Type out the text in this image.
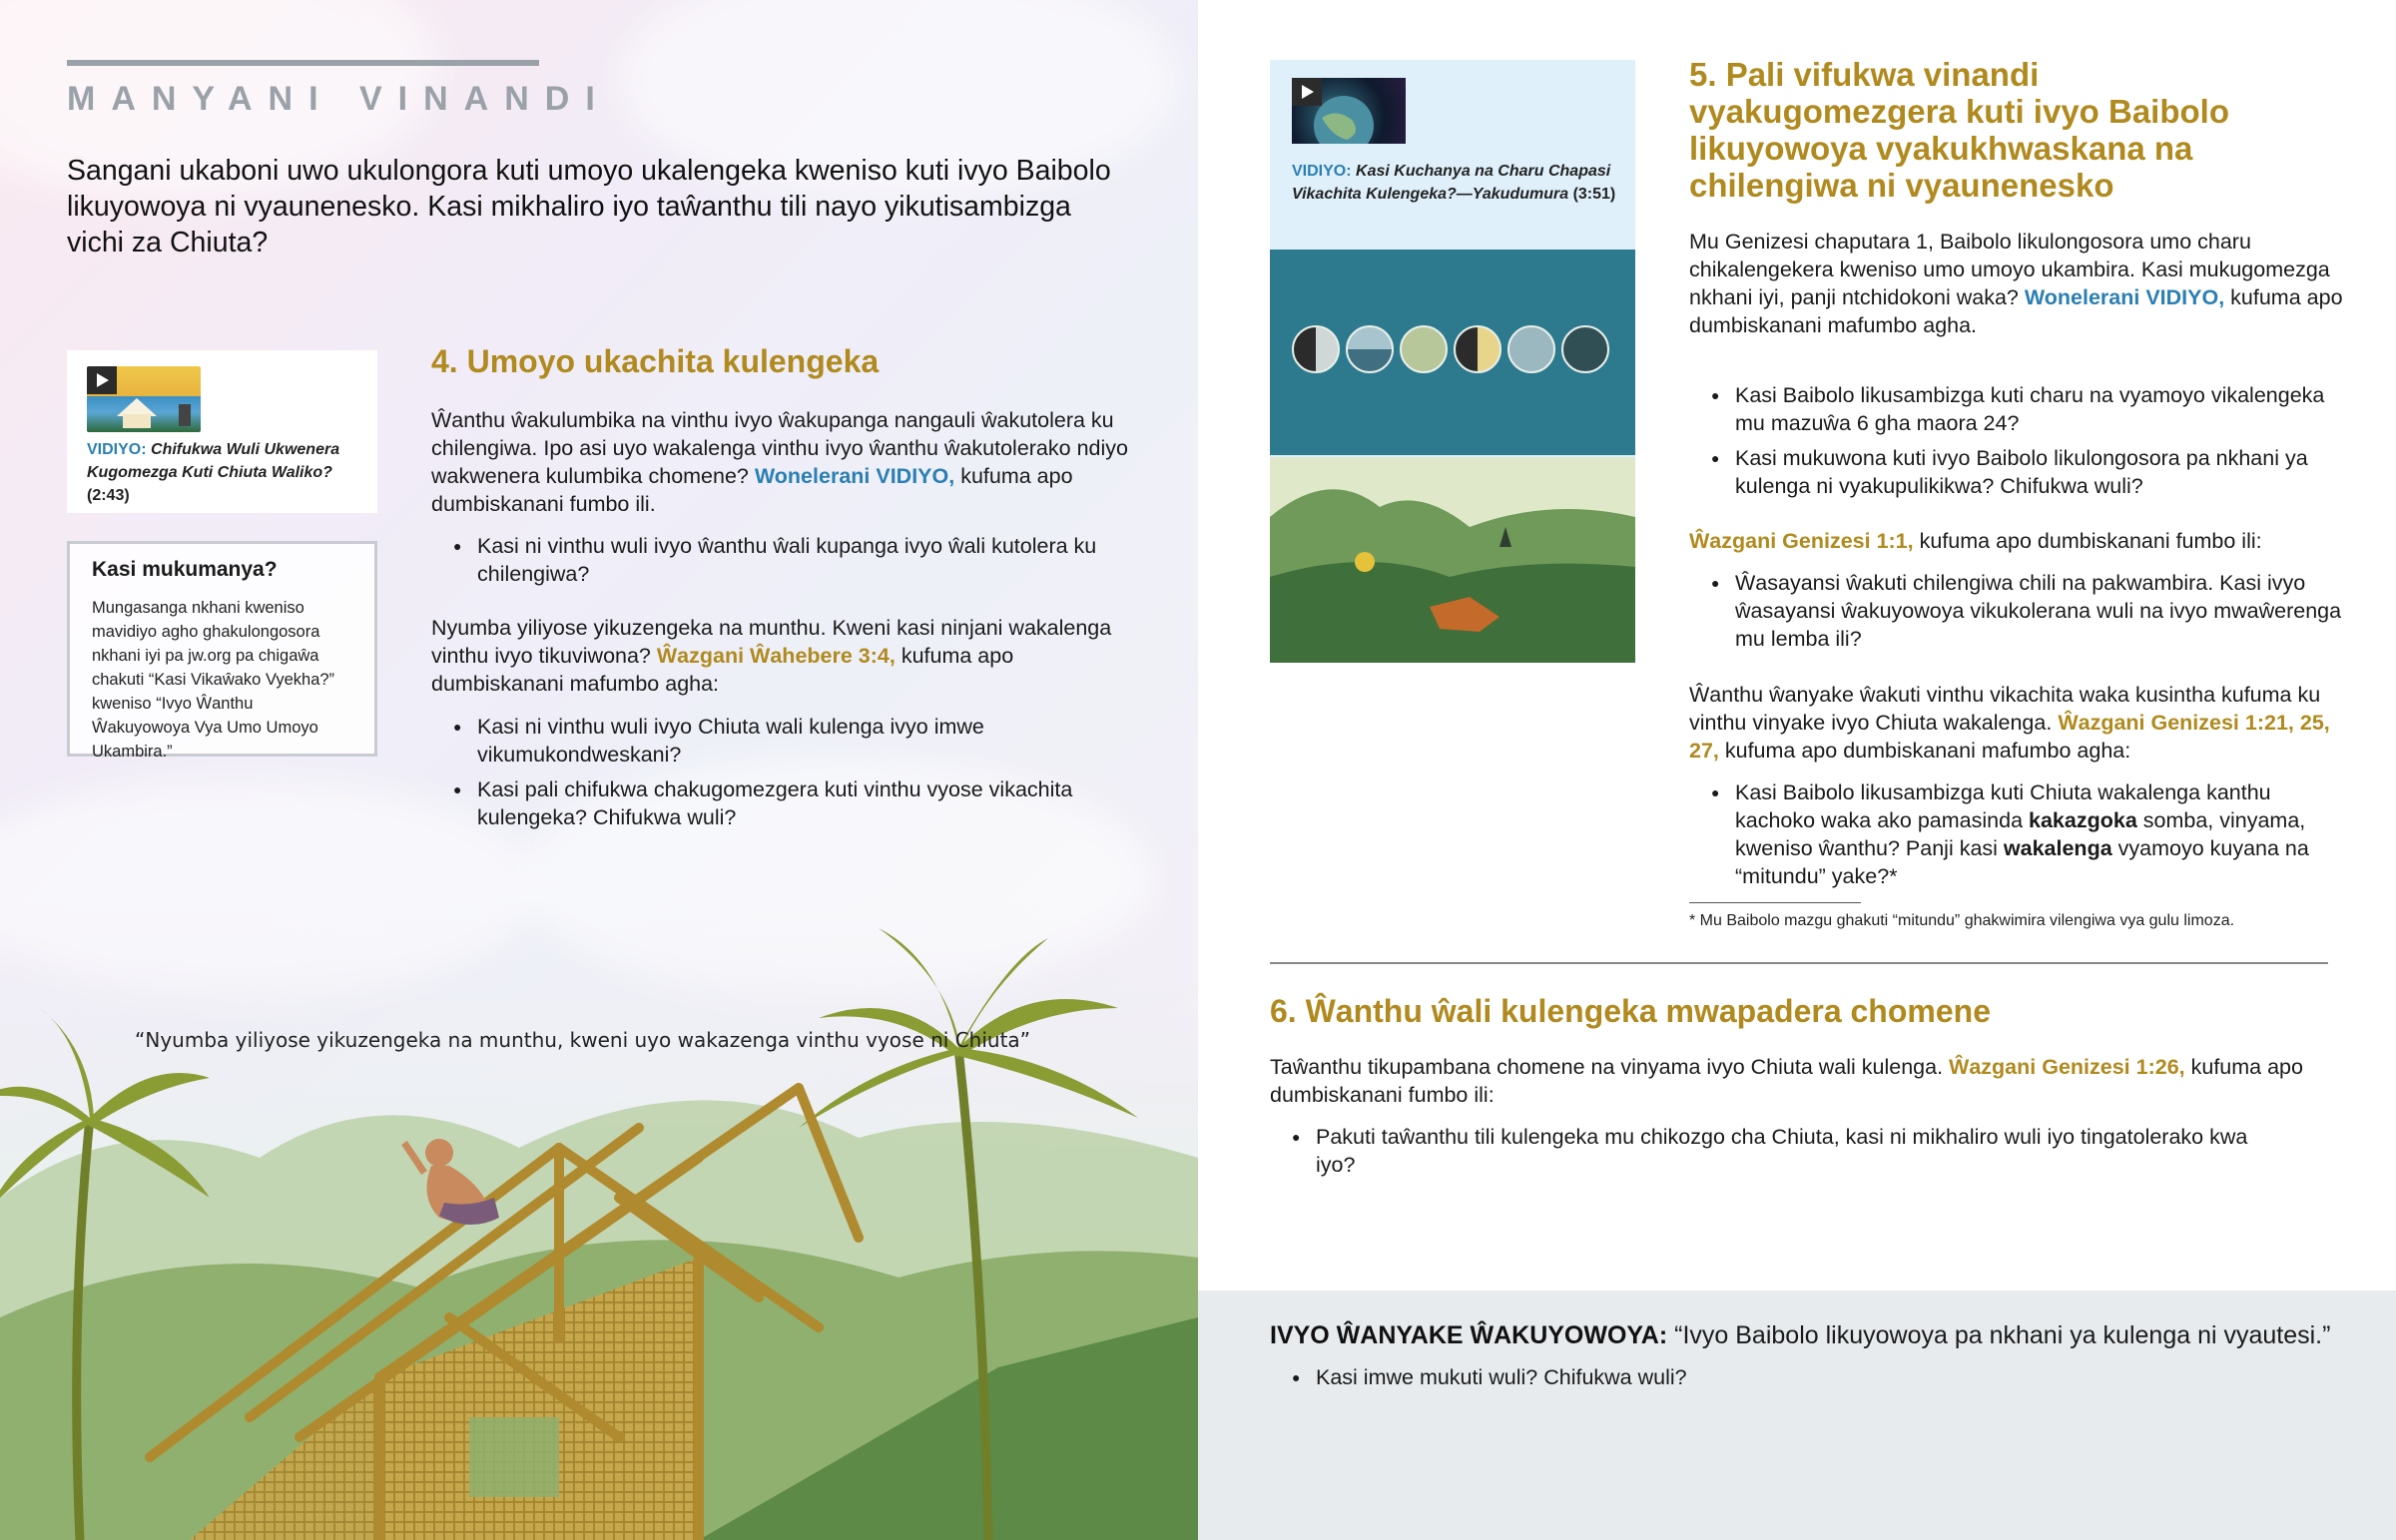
MANYANI VINANDI
Sangani ukaboni uwo ukulongora kuti umoyo ukalengeka kweniso kuti ivyo Baibolo likuyowoya ni vyaunenesko. Kasi mikhaliro iyo taŵanthu tili nayo yikutisambizga vichi za Chiuta?
VIDIYO: Chifukwa Wuli Ukwenera Kugomezga Kuti Chiuta Waliko? (2:43)
Kasi mukumanya?
Mungasanga nkhani kweniso mavidiyo agho ghakulongosora nkhani iyi pa jw.org pa chigaŵa chakuti “Kasi Vikaŵako Vyekha?” kweniso “Ivyo Ŵanthu Ŵakuyowoya Vya Umo Umoyo Ukambira.”
4. Umoyo ukachita kulengeka
Ŵanthu ŵakulumbika na vinthu ivyo ŵakupanga nangauli ŵakutolera ku chilengiwa. Ipo asi uyo wakalenga vinthu ivyo ŵanthu ŵakutolerako ndiyo wakwenera kulumbika chomene? Wonelerani VIDIYO, kufuma apo dumbiskanani fumbo ili.
● Kasi ni vinthu wuli ivyo ŵanthu ŵali kupanga ivyo ŵali kutolera ku chilengiwa?
Nyumba yiliyose yikuzengeka na munthu. Kweni kasi ninjani wakalenga vinthu ivyo tikuviwona? Ŵazgani Ŵahebere 3:4, kufuma apo dumbiskanani mafumbo agha:
● Kasi ni vinthu wuli ivyo Chiuta wali kulenga ivyo imwe vikumukondweskani?
● Kasi pali chifukwa chakugomezgera kuti vinthu vyose vikachita kulengeka? Chifukwa wuli?
“Nyumba yiliyose yikuzengeka na munthu, kweni uyo wakazenga vinthu vyose ni Chiuta”
VIDIYO: Kasi Kuchanya na Charu Chapasi Vikachita Kulengeka?—Yakudumura (3:51)
5. Pali vifukwa vinandi vyakugomezgera kuti ivyo Baibolo likuyowoya vyakukhwaskana na chilengiwa ni vyaunenesko
Mu Genizesi chaputara 1, Baibolo likulongosora umo charu chikalengekera kweniso umo umoyo ukambira. Kasi mukugomezga nkhani iyi, panji ntchidokoni waka? Wonelerani VIDIYO, kufuma apo dumbiskanani mafumbo agha.
● Kasi Baibolo likusambizga kuti charu na vyamoyo vikalengeka mu mazuŵa 6 gha maora 24?
● Kasi mukuwona kuti ivyo Baibolo likulongosora pa nkhani ya kulenga ni vyakupulikikwa? Chifukwa wuli?
Ŵazgani Genizesi 1:1, kufuma apo dumbiskanani fumbo ili:
● Ŵasayansi ŵakuti chilengiwa chili na pakwambira. Kasi ivyo ŵasayansi ŵakuyowoya vikukolerana wuli na ivyo mwaŵerenga mu lemba ili?
Ŵanthu ŵanyake ŵakuti vinthu vikachita waka kusintha kufuma ku vinthu vinyake ivyo Chiuta wakalenga. Ŵazgani Genizesi 1:21, 25, 27, kufuma apo dumbiskanani mafumbo agha:
● Kasi Baibolo likusambizga kuti Chiuta wakalenga kanthu kachoko waka ako pamasinda kakazgoka somba, vinyama, kweniso ŵanthu? Panji kasi wakalenga vyamoyo kuyana na “mitundu” yake?*
* Mu Baibolo mazgu ghakuti “mitundu” ghakwimira vilengiwa vya gulu limoza.
6. Ŵanthu ŵali kulengeka mwapadera chomene
Taŵanthu tikupambana chomene na vinyama ivyo Chiuta wali kulenga. Ŵazgani Genizesi 1:26, kufuma apo dumbiskanani fumbo ili:
● Pakuti taŵanthu tili kulengeka mu chikozgo cha Chiuta, kasi ni mikhaliro wuli iyo tingatolerako kwa iyo?
IVYO ŴANYAKE ŴAKUYOWOYA: “Ivyo Baibolo likuyowoya pa nkhani ya kulenga ni vyautesi.”
● Kasi imwe mukuti wuli? Chifukwa wuli?
